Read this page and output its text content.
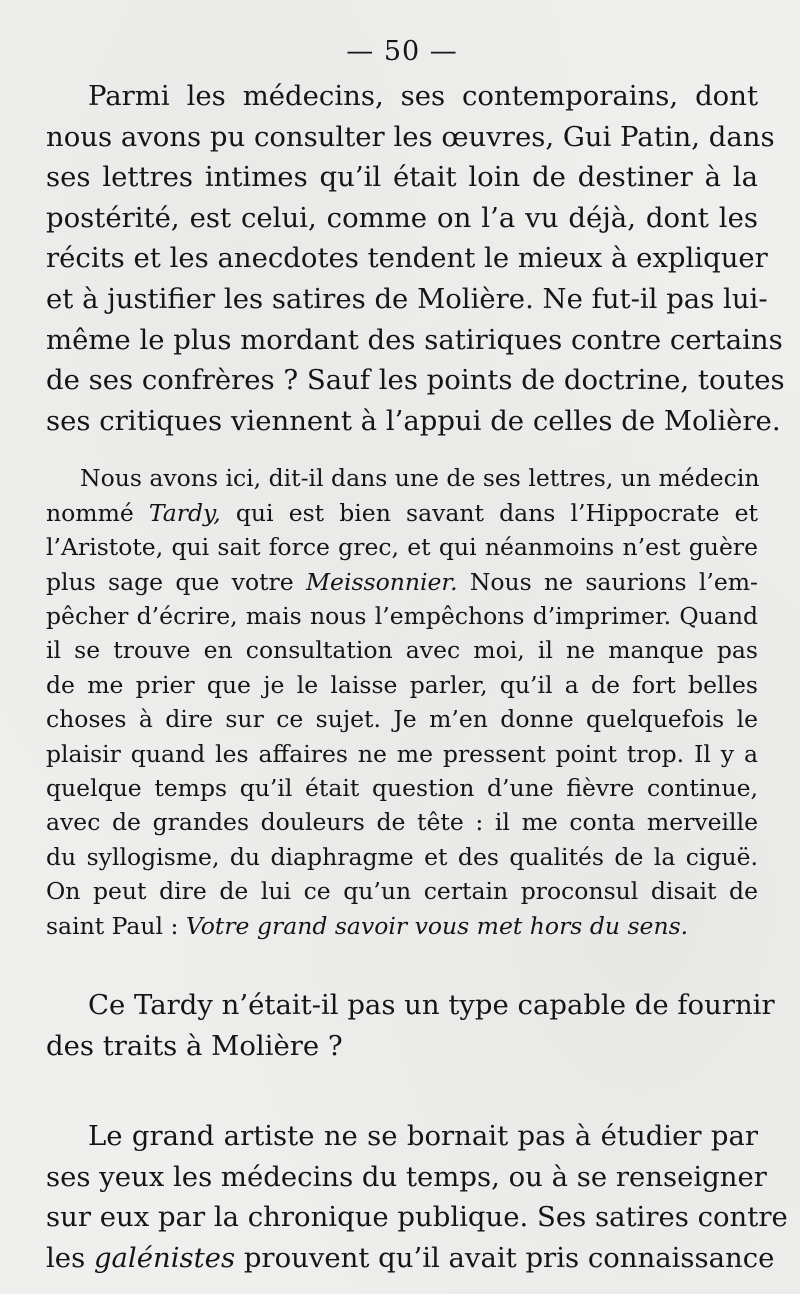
— 50 —
Parmi les médecins, ses contemporains, dont
nous avons pu consulter les œuvres, Gui Patin, dans
ses lettres intimes qu’il était loin de destiner à la
postérité, est celui, comme on l’a vu déjà, dont les
récits et les anecdotes tendent le mieux à expliquer
et à justifier les satires de Molière. Ne fut-il pas lui-
même le plus mordant des satiriques contre certains
de ses confrères ? Sauf les points de doctrine, toutes
ses critiques viennent à l’appui de celles de Molière.
Nous avons ici, dit-il dans une de ses lettres, un médecin
nommé Tardy, qui est bien savant dans l’Hippocrate et
l’Aristote, qui sait force grec, et qui néanmoins n’est guère
plus sage que votre Meissonnier. Nous ne saurions l’em-
pêcher d’écrire, mais nous l’empêchons d’imprimer. Quand
il se trouve en consultation avec moi, il ne manque pas
de me prier que je le laisse parler, qu’il a de fort belles
choses à dire sur ce sujet. Je m’en donne quelquefois le
plaisir quand les affaires ne me pressent point trop. Il y a
quelque temps qu’il était question d’une fièvre continue,
avec de grandes douleurs de tête : il me conta merveille
du syllogisme, du diaphragme et des qualités de la ciguë.
On peut dire de lui ce qu’un certain proconsul disait de
saint Paul : Votre grand savoir vous met hors du sens.
Ce Tardy n’était-il pas un type capable de fournir
des traits à Molière ?
Le grand artiste ne se bornait pas à étudier par
ses yeux les médecins du temps, ou à se renseigner
sur eux par la chronique publique. Ses satires contre
les galénistes prouvent qu’il avait pris connaissance
